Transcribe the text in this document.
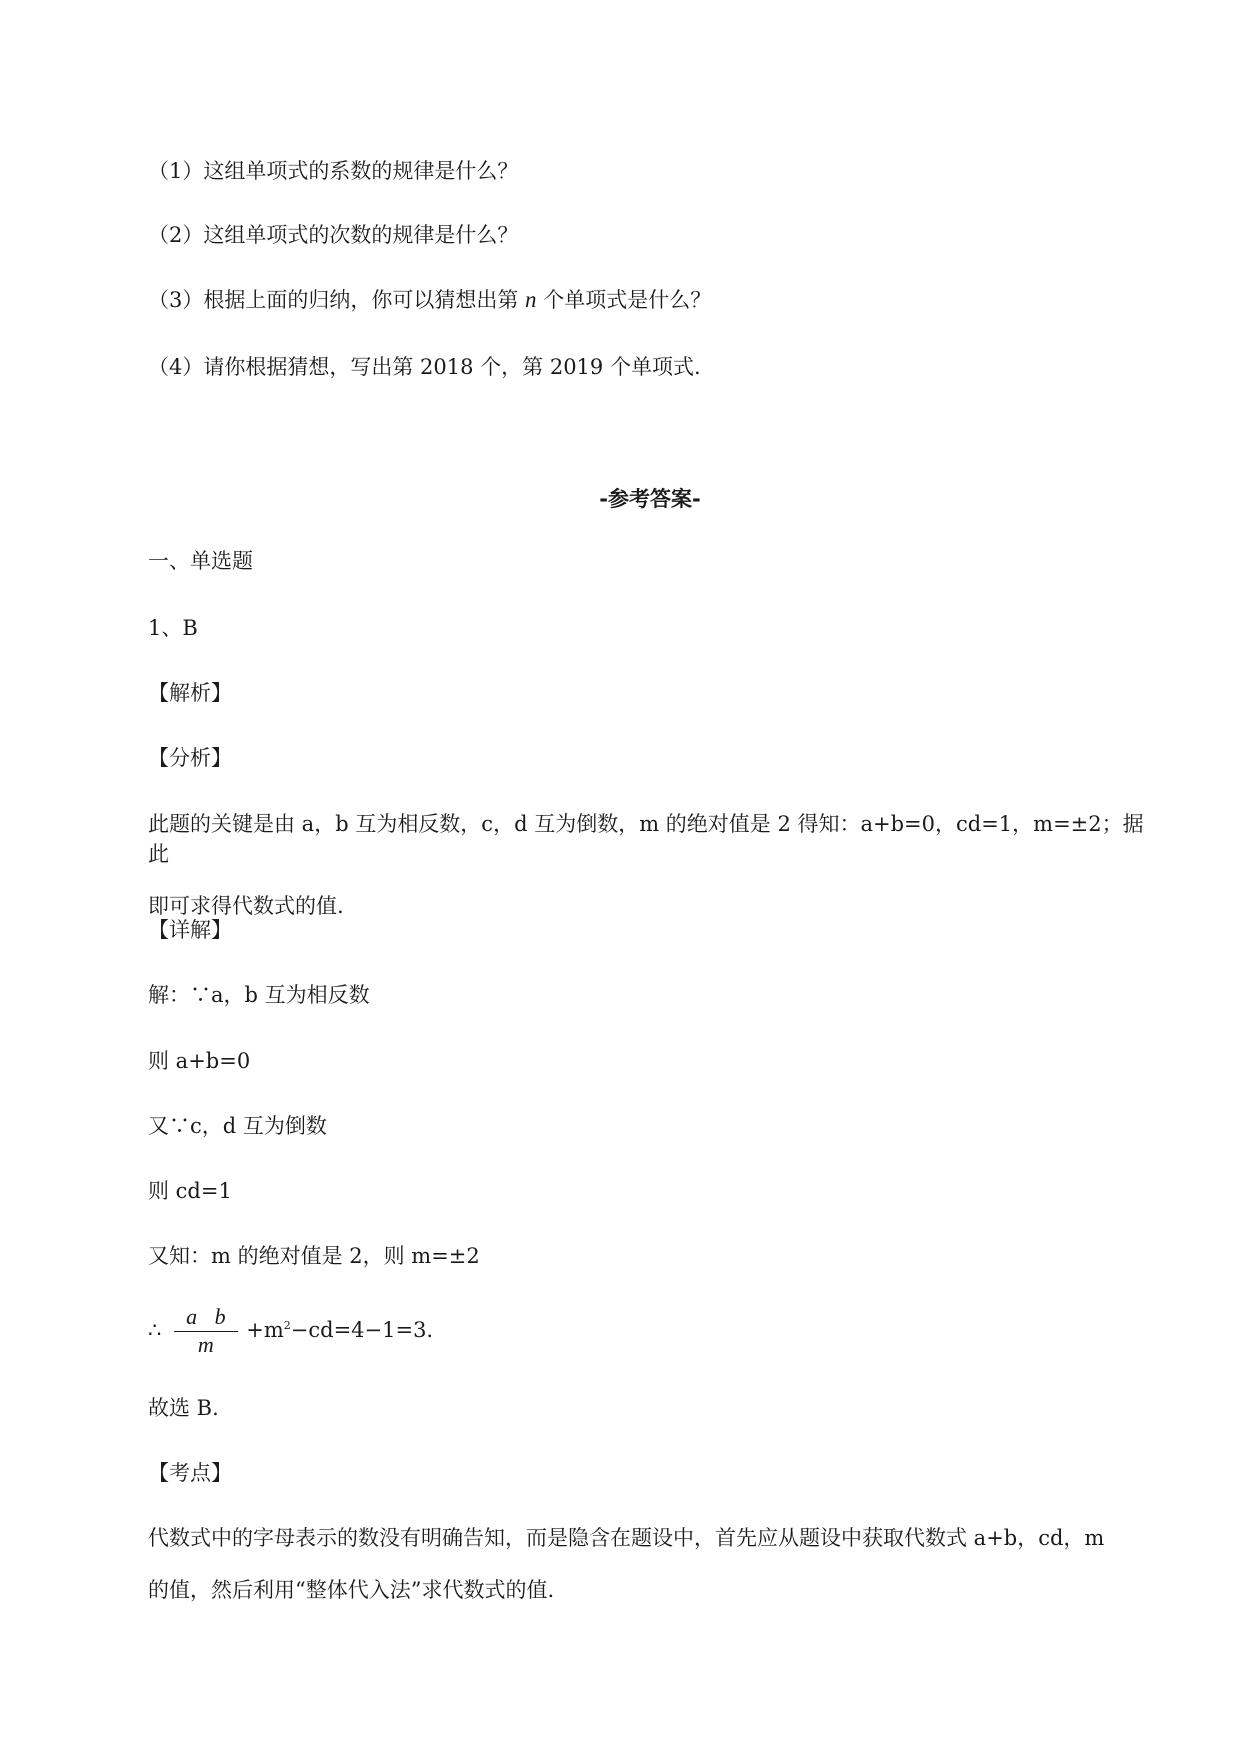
（1）这组单项式的系数的规律是什么？
（2）这组单项式的次数的规律是什么？
（3）根据上面的归纳，你可以猜想出第 n 个单项式是什么？
（4）请你根据猜想，写出第 2018 个，第 2019 个单项式.
-参考答案-
一、单选题
1、B
【解析】
【分析】
此题的关键是由 a，b 互为相反数，c，d 互为倒数，m 的绝对值是 2 得知：a+b=0，cd=1，m=±2；据此
即可求得代数式的值.
【详解】
解：∵a，b 互为相反数
则 a+b=0
又∵c，d 互为倒数
则 cd=1
又知：m 的绝对值是 2，则 m=±2
∴ $\frac{\text{a b}}{m} +m^2-cd=4-1=3$.
故选 B.
【考点】
代数式中的字母表示的数没有明确告知，而是隐含在题设中，首先应从题设中获取代数式 a+b，cd，m
的值，然后利用“整体代入法”求代数式的值.
